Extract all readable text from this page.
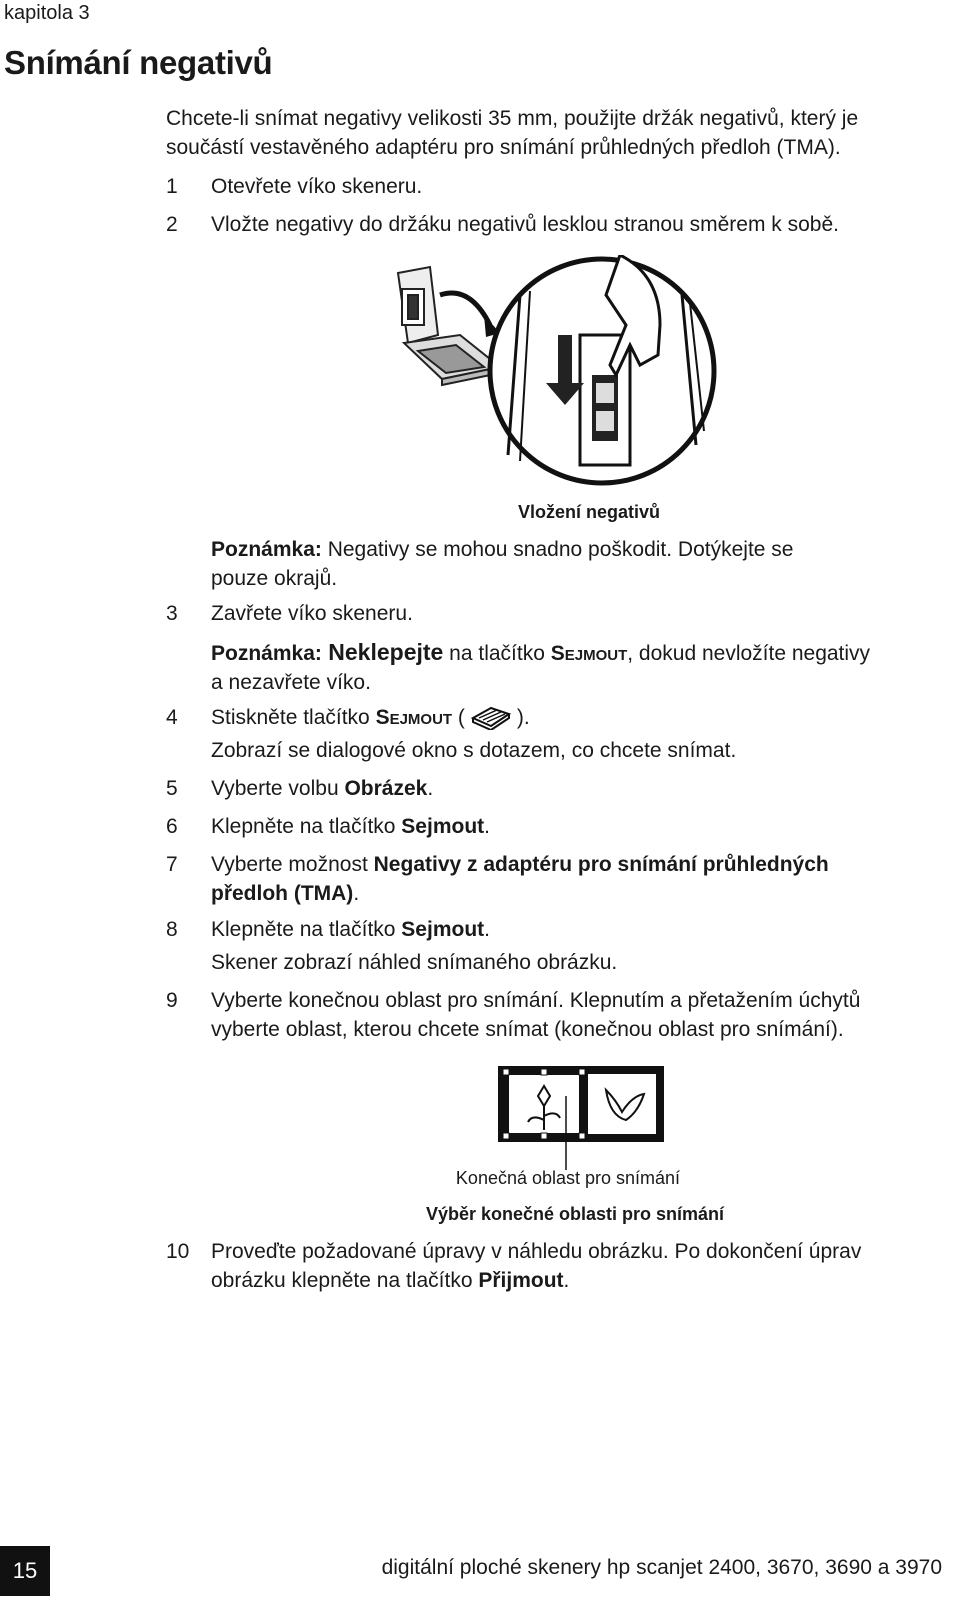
kapitola 3
Snímání negativů
Chcete-li snímat negativy velikosti 35 mm, použijte držák negativů, který je součástí vestavěného adaptéru pro snímání průhledných předloh (TMA).
1 Otevřete víko skeneru.
2 Vložte negativy do držáku negativů lesklou stranou směrem k sobě.
Vložení negativů
Poznámka: Negativy se mohou snadno poškodit. Dotýkejte se
pouze okrajů.
3 Zavřete víko skeneru.
Poznámka: Neklepejte na tlačítko Sejmout, dokud nevložíte negativy
a nezavřete víko.
4 Stiskněte tlačítko Sejmout ( ).
Zobrazí se dialogové okno s dotazem, co chcete snímat.
5 Vyberte volbu Obrázek.
6 Klepněte na tlačítko Sejmout.
7 Vyberte možnost Negativy z adaptéru pro snímání průhledných
předloh (TMA).
8 Klepněte na tlačítko Sejmout.
Skener zobrazí náhled snímaného obrázku.
9 Vyberte konečnou oblast pro snímání. Klepnutím a přetažením úchytů
vyberte oblast, kterou chcete snímat (konečnou oblast pro snímání).
Konečná oblast pro snímání
Výběr konečné oblasti pro snímání
10 Proveďte požadované úpravy v náhledu obrázku. Po dokončení úprav
obrázku klepněte na tlačítko Přijmout.
15	digitální ploché skenery hp scanjet 2400, 3670, 3690 a 3970
